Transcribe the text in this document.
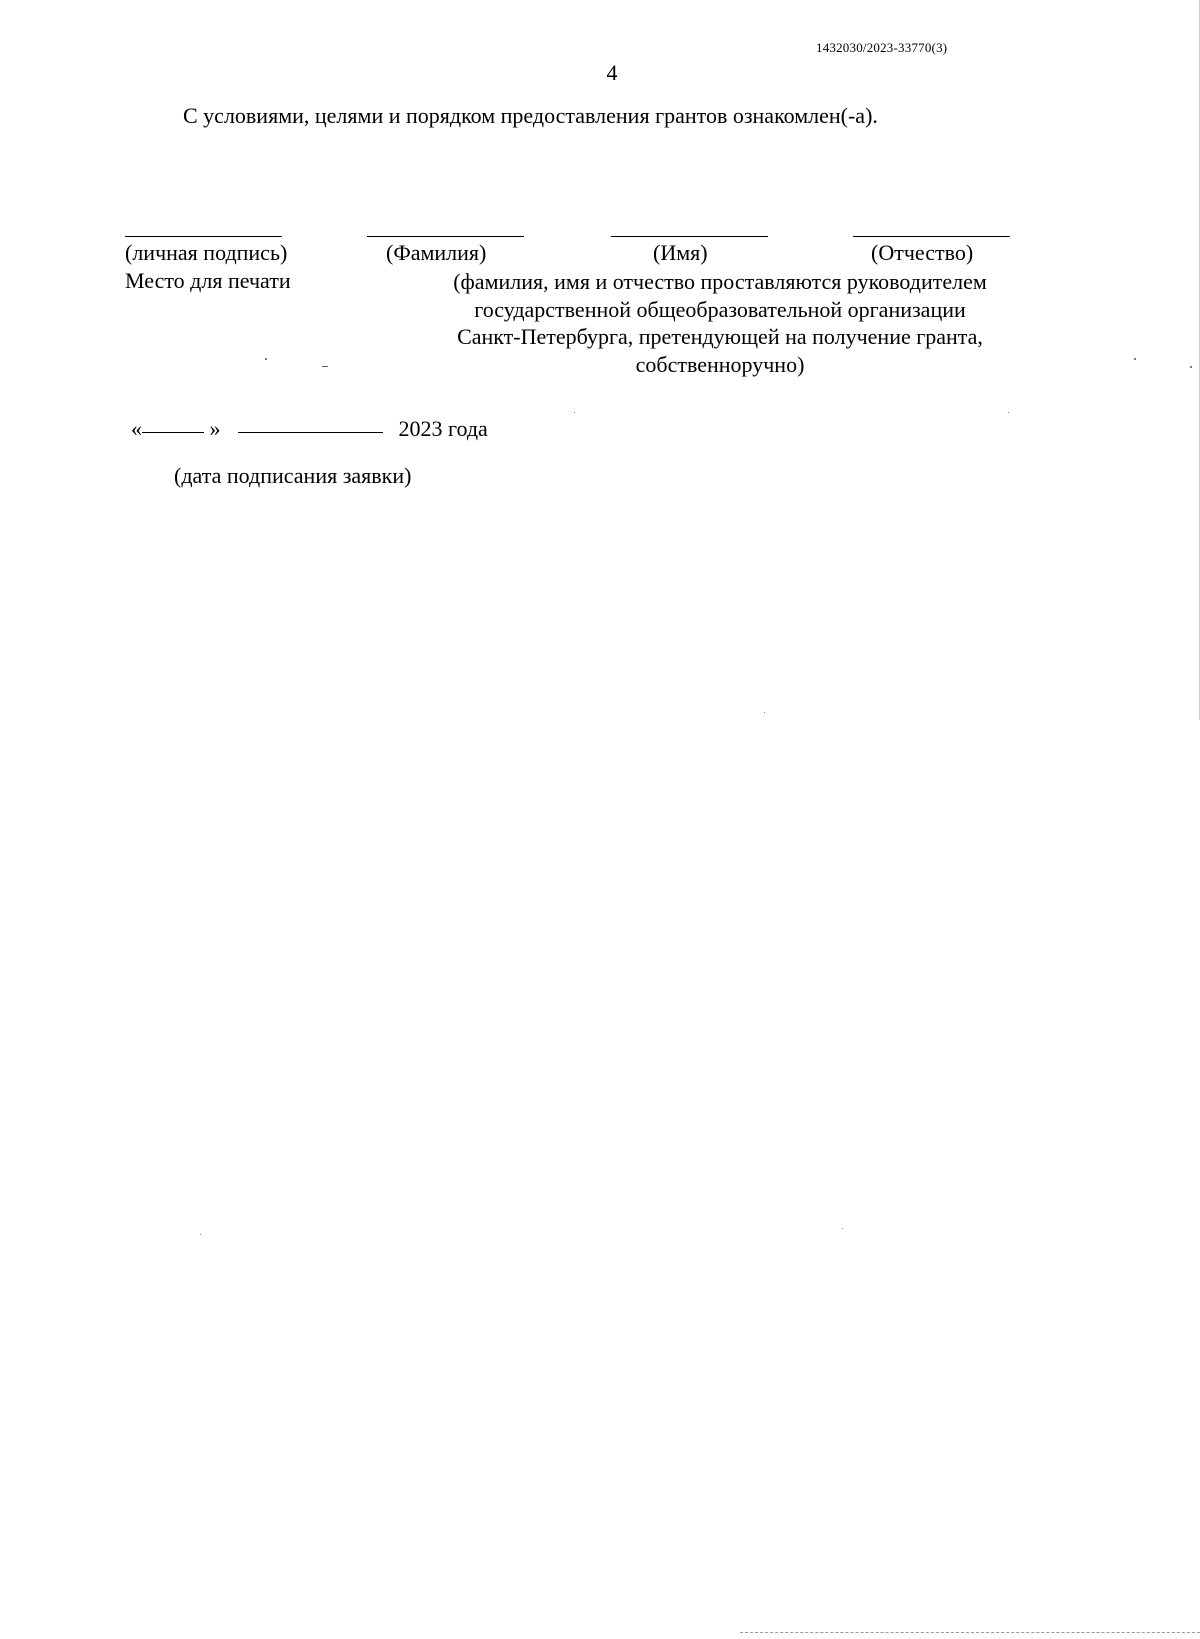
1432030/2023-33770(3)
4
С условиями, целями и порядком предоставления грантов ознакомлен(-а).
(личная подпись)	(Фамилия)	(Имя)	(Отчество)
Место для печати	(фамилия, имя и отчество проставляются руководителем
государственной общеобразовательной организации
Санкт-Петербурга, претендующей на получение гранта,
собственноручно)
«	»	2023 года
(дата подписания заявки)
